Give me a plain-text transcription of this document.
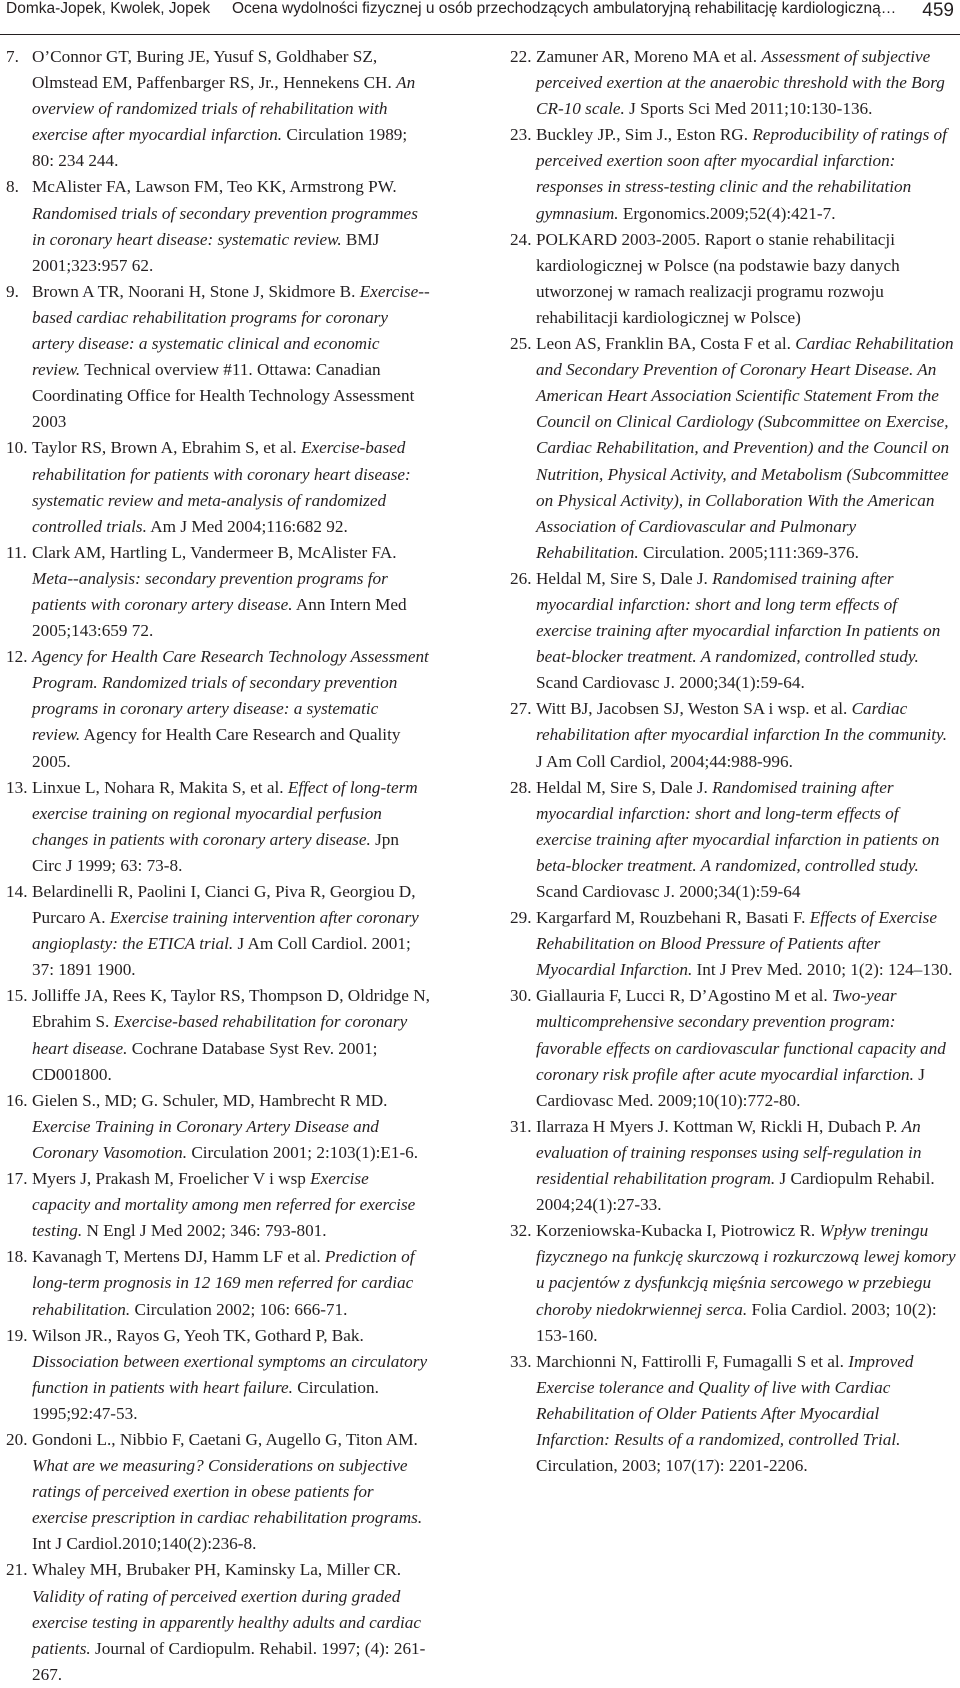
Domka-Jopek, Kwolek, Jopek Ocena wydolności fizycznej u osób przechodzących ambulatoryjną rehabilitację kardiologiczną… 459

7. O’Connor GT, Buring JE, Yusuf S, Goldhaber SZ, Olmstead EM, Paffenbarger RS, Jr., Hennekens CH. An overview of randomized trials of rehabilitation with exercise after myocardial infarction. Circulation 1989; 80: 234 244.

8. McAlister FA, Lawson FM, Teo KK, Armstrong PW. Randomised trials of secondary prevention programmes in coronary heart disease: systematic review. BMJ 2001;323:957 62.

9. Brown A TR, Noorani H, Stone J, Skidmore B. Exercise--based cardiac rehabilitation programs for coronary artery disease: a systematic clinical and economic review. Technical overview #11. Ottawa: Canadian Coordinating Office for Health Technology Assessment 2003

10. Taylor RS, Brown A, Ebrahim S, et al. Exercise-based rehabilitation for patients with coronary heart disease: systematic review and meta-analysis of randomized controlled trials. Am J Med 2004;116:682 92.

11. Clark AM, Hartling L, Vandermeer B, McAlister FA. Meta--analysis: secondary prevention programs for patients with coronary artery disease. Ann Intern Med 2005;143:659 72.

12. Agency for Health Care Research Technology Assessment Program. Randomized trials of secondary prevention programs in coronary artery disease: a systematic review. Agency for Health Care Research and Quality 2005.

13. Linxue L, Nohara R, Makita S, et al. Effect of long-term exercise training on regional myocardial perfusion changes in patients with coronary artery disease. Jpn Circ J 1999; 63: 73-8.

14. Belardinelli R, Paolini I, Cianci G, Piva R, Georgiou D, Purcaro A. Exercise training intervention after coronary angioplasty: the ETICA trial. J Am Coll Cardiol. 2001; 37: 1891 1900.

15. Jolliffe JA, Rees K, Taylor RS, Thompson D, Oldridge N, Ebrahim S. Exercise-based rehabilitation for coronary heart disease. Cochrane Database Syst Rev. 2001; CD001800.

16. Gielen S., MD; G. Schuler, MD, Hambrecht R MD. Exercise Training in Coronary Artery Disease and Coronary Vasomotion. Circulation 2001; 2:103(1):E1-6.

17. Myers J, Prakash M, Froelicher V i wsp Exercise capacity and mortality among men referred for exercise testing. N Engl J Med 2002; 346: 793-801.

18. Kavanagh T, Mertens DJ, Hamm LF et al. Prediction of long-term prognosis in 12 169 men referred for cardiac rehabilitation. Circulation 2002; 106: 666-71.

19. Wilson JR., Rayos G, Yeoh TK, Gothard P, Bak. Dissociation between exertional symptoms an circulatory function in patients with heart failure. Circulation. 1995;92:47-53.

20. Gondoni L., Nibbio F, Caetani G, Augello G, Titon AM. What are we measuring? Considerations on subjective ratings of perceived exertion in obese patients for exercise prescription in cardiac rehabilitation programs. Int J Cardiol.2010;140(2):236-8.

21. Whaley MH, Brubaker PH, Kaminsky La, Miller CR. Validity of rating of perceived exertion during graded exercise testing in apparently healthy adults and cardiac patients. Journal of Cardiopulm. Rehabil. 1997; (4): 261-267.

22. Zamuner AR, Moreno MA et al. Assessment of subjective perceived exertion at the anaerobic threshold with the Borg CR-10 scale. J Sports Sci Med 2011;10:130-136.

23. Buckley JP., Sim J., Eston RG. Reproducibility of ratings of perceived exertion soon after myocardial infarction: responses in stress-testing clinic and the rehabilitation gymnasium. Ergonomics.2009;52(4):421-7.

24. POLKARD 2003-2005. Raport o stanie rehabilitacji kardiologicznej w Polsce (na podstawie bazy danych utworzonej w ramach realizacji programu rozwoju rehabilitacji kardiologicznej w Polsce)

25. Leon AS, Franklin BA, Costa F et al. Cardiac Rehabilitation and Secondary Prevention of Coronary Heart Disease. An American Heart Association Scientific Statement From the Council on Clinical Cardiology (Subcommittee on Exercise, Cardiac Rehabilitation, and Prevention) and the Council on Nutrition, Physical Activity, and Metabolism (Subcommittee on Physical Activity), in Collaboration With the American Association of Cardiovascular and Pulmonary Rehabilitation. Circulation. 2005;111:369-376.

26. Heldal M, Sire S, Dale J. Randomised training after myocardial infarction: short and long term effects of exercise training after myocardial infarction In patients on beat-blocker treatment. A randomized, controlled study. Scand Cardiovasc J. 2000;34(1):59-64.

27. Witt BJ, Jacobsen SJ, Weston SA i wsp. et al. Cardiac rehabilitation after myocardial infarction In the community. J Am Coll Cardiol, 2004;44:988-996.

28. Heldal M, Sire S, Dale J. Randomised training after myocardial infarction: short and long-term effects of exercise training after myocardial infarction in patients on beta-blocker treatment. A randomized, controlled study. Scand Cardiovasc J. 2000;34(1):59-64

29. Kargarfard M, Rouzbehani R, Basati F. Effects of Exercise Rehabilitation on Blood Pressure of Patients after Myocardial Infarction. Int J Prev Med. 2010; 1(2): 124–130.

30. Giallauria F, Lucci R, D’Agostino M et al. Two-year multicomprehensive secondary prevention program: favorable effects on cardiovascular functional capacity and coronary risk profile after acute myocardial infarction. J Cardiovasc Med. 2009;10(10):772-80.

31. Ilarraza H Myers J. Kottman W, Rickli H, Dubach P. An evaluation of training responses using self-regulation in residential rehabilitation program. J Cardiopulm Rehabil. 2004;24(1):27-33.

32. Korzeniowska-Kubacka I, Piotrowicz R. Wpływ treningu fizycznego na funkcję skurczową i rozkurczową lewej komory u pacjentów z dysfunkcją mięśnia sercowego w przebiegu choroby niedokrwiennej serca. Folia Cardiol. 2003; 10(2): 153-160.

33. Marchionni N, Fattirolli F, Fumagalli S et al. Improved Exercise tolerance and Quality of live with Cardiac Rehabilitation of Older Patients After Myocardial Infarction: Results of a randomized, controlled Trial. Circulation, 2003; 107(17): 2201-2206.
